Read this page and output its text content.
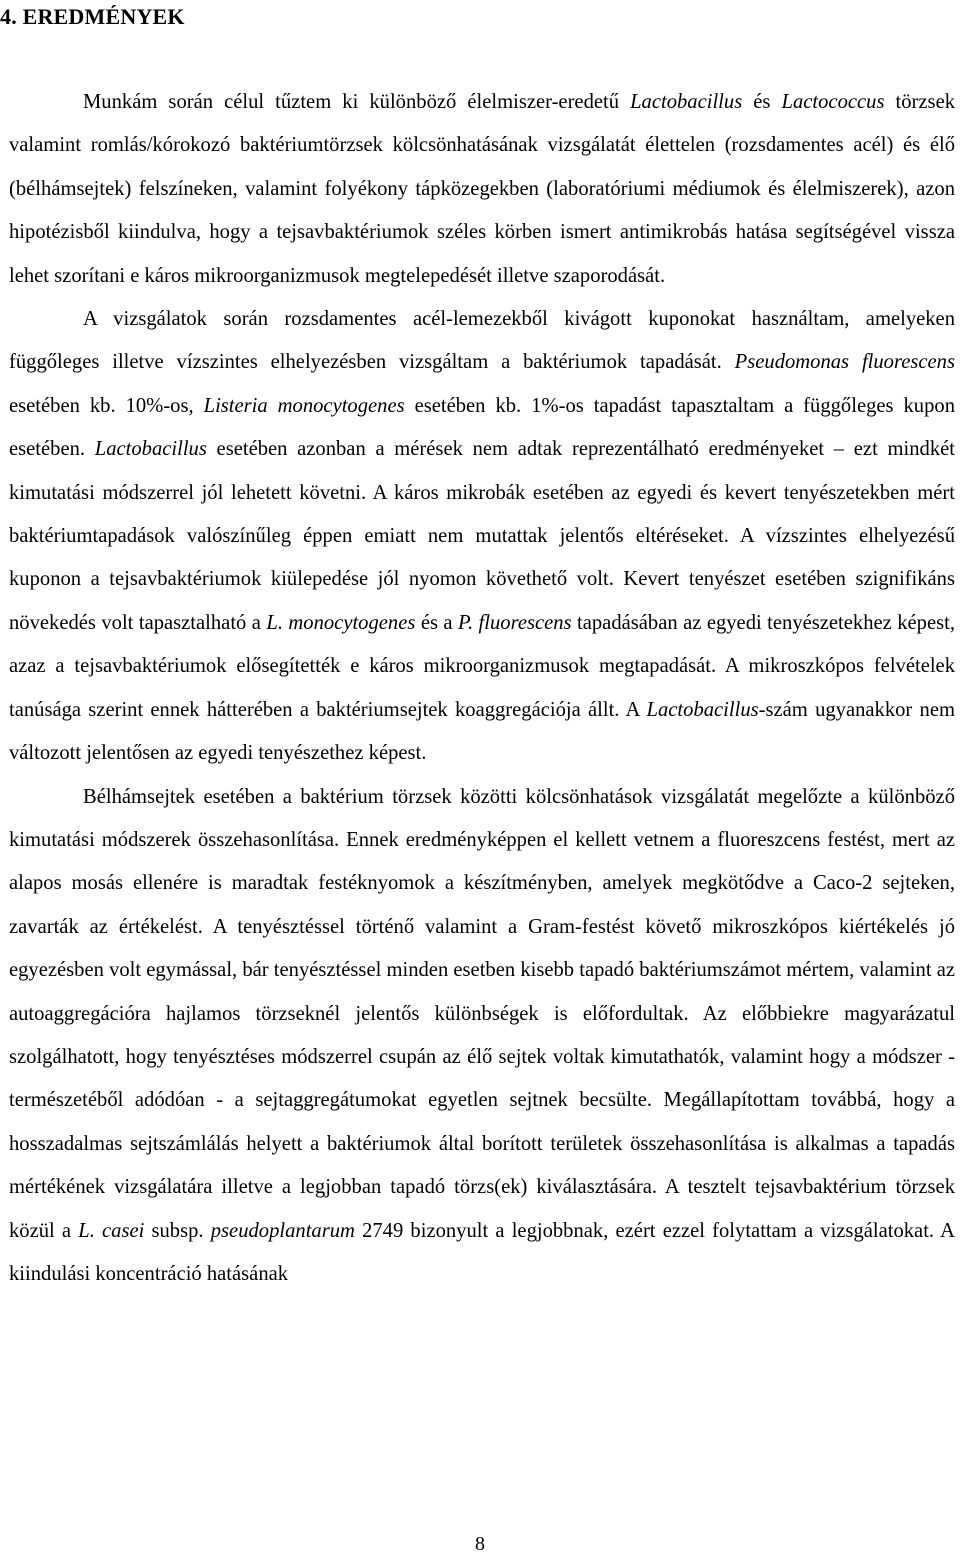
4. EREDMÉNYEK

Munkám során célul tűztem ki különböző élelmiszer-eredetű Lactobacillus és Lactococcus törzsek valamint romlás/kórokozó baktériumtörzsek kölcsönhatásának vizsgálatát élettelen (rozsdamentes acél) és élő (bélhámsejtek) felszíneken, valamint folyékony tápközegekben (laboratóriumi médiumok és élelmiszerek), azon hipotézisből kiindulva, hogy a tejsavbaktériumok széles körben ismert antimikrobás hatása segítségével vissza lehet szorítani e káros mikroorganizmusok megtelepedését illetve szaporodását.

A vizsgálatok során rozsdamentes acél-lemezekből kivágott kuponokat használtam, amelyeken függőleges illetve vízszintes elhelyezésben vizsgáltam a baktériumok tapadását. Pseudomonas fluorescens esetében kb. 10%-os, Listeria monocytogenes esetében kb. 1%-os tapadást tapasztaltam a függőleges kupon esetében. Lactobacillus esetében azonban a mérések nem adtak reprezentálható eredményeket – ezt mindkét kimutatási módszerrel jól lehetett követni. A káros mikrobák esetében az egyedi és kevert tenyészetekben mért baktériumtapadások valószínűleg éppen emiatt nem mutattak jelentős eltéréseket. A vízszintes elhelyezésű kuponon a tejsavbaktériumok kiülepedése jól nyomon követhető volt. Kevert tenyészet esetében szignifikáns növekedés volt tapasztalható a L. monocytogenes és a P. fluorescens tapadásában az egyedi tenyészetekhez képest, azaz a tejsavbaktériumok elősegítették e káros mikroorganizmusok megtapadását. A mikroszkópos felvételek tanúsága szerint ennek hátterében a baktériumsejtek koaggregációja állt. A Lactobacillus-szám ugyanakkor nem változott jelentősen az egyedi tenyészethez képest.

Bélhámsejtek esetében a baktérium törzsek közötti kölcsönhatások vizsgálatát megelőzte a különböző kimutatási módszerek összehasonlítása. Ennek eredményképpen el kellett vetnem a fluoreszcens festést, mert az alapos mosás ellenére is maradtak festéknyomok a készítményben, amelyek megkötődve a Caco-2 sejteken, zavarták az értékelést. A tenyésztéssel történő valamint a Gram-festést követő mikroszkópos kiértékelés jó egyezésben volt egymással, bár tenyésztéssel minden esetben kisebb tapadó baktériumszámot mértem, valamint az autoaggregációra hajlamos törzseknél jelentős különbségek is előfordultak. Az előbbiekre magyarázatul szolgálhatott, hogy tenyésztéses módszerrel csupán az élő sejtek voltak kimutathatók, valamint hogy a módszer - természetéből adódóan - a sejtaggregátumokat egyetlen sejtnek becsülte. Megállapítottam továbbá, hogy a hosszadalmas sejtszámlálás helyett a baktériumok által borított területek összehasonlítása is alkalmas a tapadás mértékének vizsgálatára illetve a legjobban tapadó törzs(ek) kiválasztására. A tesztelt tejsavbaktérium törzsek közül a L. casei subsp. pseudoplantarum 2749 bizonyult a legjobbnak, ezért ezzel folytattam a vizsgálatokat. A kiindulási koncentráció hatásának

8
